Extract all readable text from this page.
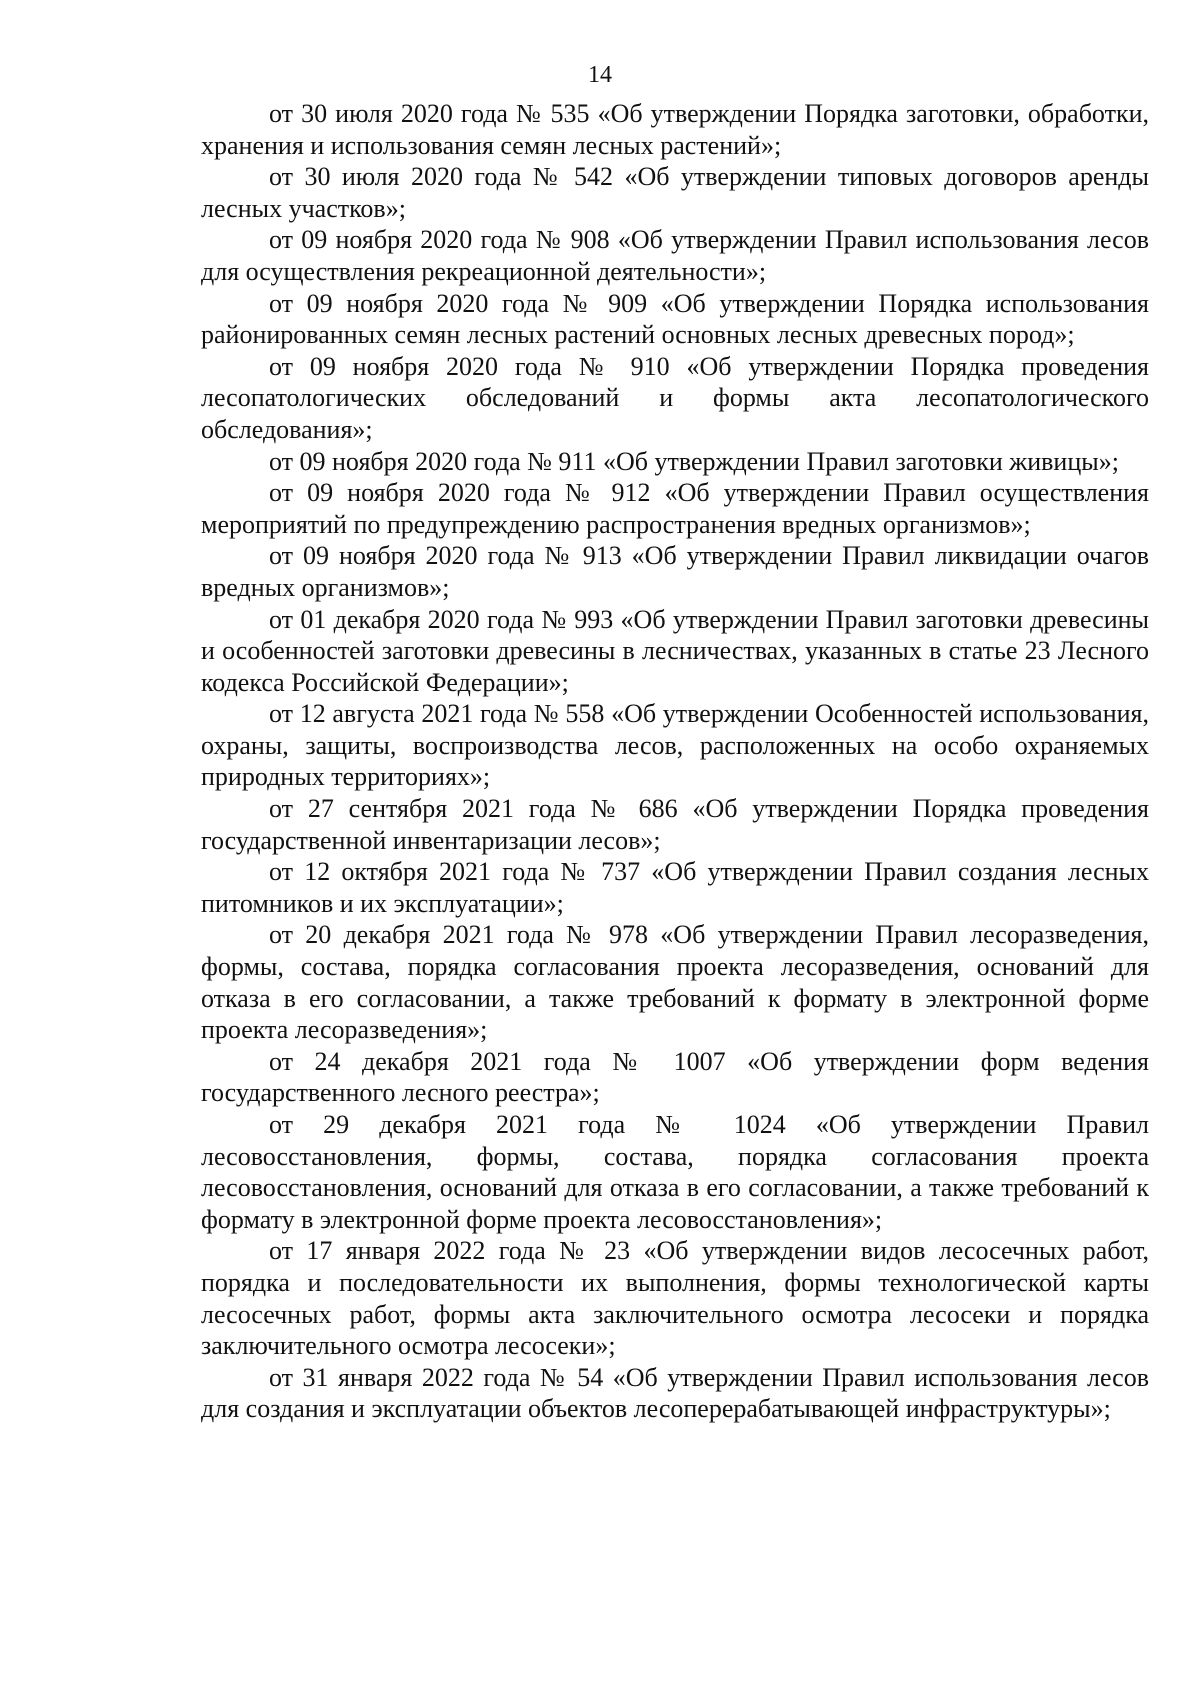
14

от 30 июля 2020 года № 535 «Об утверждении Порядка заготовки, обработки, хранения и использования семян лесных растений»;

от 30 июля 2020 года № 542 «Об утверждении типовых договоров аренды лесных участков»;

от 09 ноября 2020 года № 908 «Об утверждении Правил использования лесов для осуществления рекреационной деятельности»;

от 09 ноября 2020 года № 909 «Об утверждении Порядка использования районированных семян лесных растений основных лесных древесных пород»;

от 09 ноября 2020 года № 910 «Об утверждении Порядка проведения лесопатологических обследований и формы акта лесопатологического обследования»;

от 09 ноября 2020 года № 911 «Об утверждении Правил заготовки живицы»;

от 09 ноября 2020 года № 912 «Об утверждении Правил осуществления мероприятий по предупреждению распространения вредных организмов»;

от 09 ноября 2020 года № 913 «Об утверждении Правил ликвидации очагов вредных организмов»;

от 01 декабря 2020 года № 993 «Об утверждении Правил заготовки древесины и особенностей заготовки древесины в лесничествах, указанных в статье 23 Лесного кодекса Российской Федерации»;

от 12 августа 2021 года № 558 «Об утверждении Особенностей использования, охраны, защиты, воспроизводства лесов, расположенных на особо охраняемых природных территориях»;

от 27 сентября 2021 года № 686 «Об утверждении Порядка проведения государственной инвентаризации лесов»;

от 12 октября 2021 года № 737 «Об утверждении Правил создания лесных питомников и их эксплуатации»;

от 20 декабря 2021 года № 978 «Об утверждении Правил лесоразведения, формы, состава, порядка согласования проекта лесоразведения, оснований для отказа в его согласовании, а также требований к формату в электронной форме проекта лесоразведения»;

от 24 декабря 2021 года № 1007 «Об утверждении форм ведения государственного лесного реестра»;

от 29 декабря 2021 года № 1024 «Об утверждении Правил лесовосстановления, формы, состава, порядка согласования проекта лесовосстановления, оснований для отказа в его согласовании, а также требований к формату в электронной форме проекта лесовосстановления»;

от 17 января 2022 года № 23 «Об утверждении видов лесосечных работ, порядка и последовательности их выполнения, формы технологической карты лесосечных работ, формы акта заключительного осмотра лесосеки и порядка заключительного осмотра лесосеки»;

от 31 января 2022 года № 54 «Об утверждении Правил использования лесов для создания и эксплуатации объектов лесоперерабатывающей инфраструктуры»;
